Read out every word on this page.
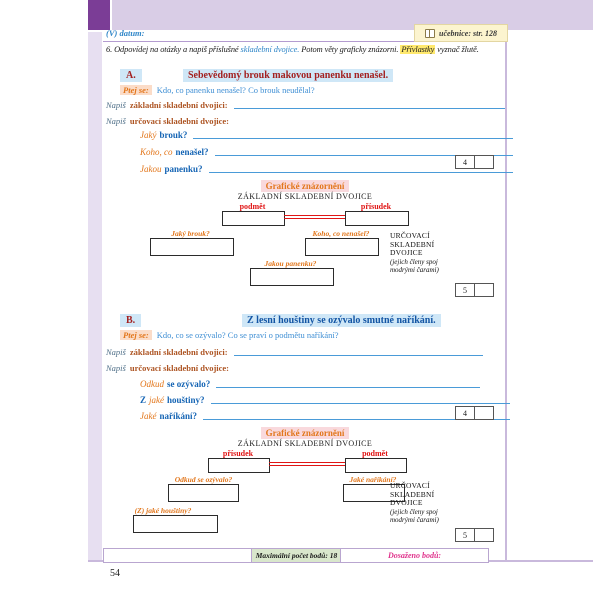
(V) datum:	učebnice: str. 128
6. Odpovídej na otázky a napiš příslušné skladební dvojice. Potom věty graficky znázorni. Přívlastky vyznač žlutě.
A.	Sebevědomý brouk makovou panenku nenašel.
Ptej se: Kdo, co panenku nenašel? Co brouk neudělal?
Napiš základní skladební dvojici:
Napiš určovací skladební dvojice:
Jaký brouk?
Koho, co nenašel?
Jakou panenku?
4
Grafické znázornění
ZÁKLADNÍ SKLADEBNÍ DVOJICE
podmět	přísudek
Jaký brouk?	Koho, co nenašel?	URČOVACÍ
SKLADEBNÍ
DVOJICE
(jejich členy spoj
modrými čarami)
Jakou panenku?
5
B.	Z lesní houštiny se ozývalo smutné naříkání.
Ptej se: Kdo, co se ozývalo? Co se praví o podmětu naříkání?
Napiš základní skladební dvojici:
Napiš určovací skladební dvojice:
Odkud se ozývalo?
Z jaké houštiny?
Jaké naříkání?	4
Grafické znázornění
ZÁKLADNÍ SKLADEBNÍ DVOJICE
přísudek	podmět
Odkud se ozývalo?	Jaké naříkání?
URČOVACÍ
SKLADEBNÍ
DVOJICE
(jejich členy spoj
modrými čarami)
(Z) jaké houštiny?
5
Maximální počet bodů: 18	Dosaženo bodů:
54
